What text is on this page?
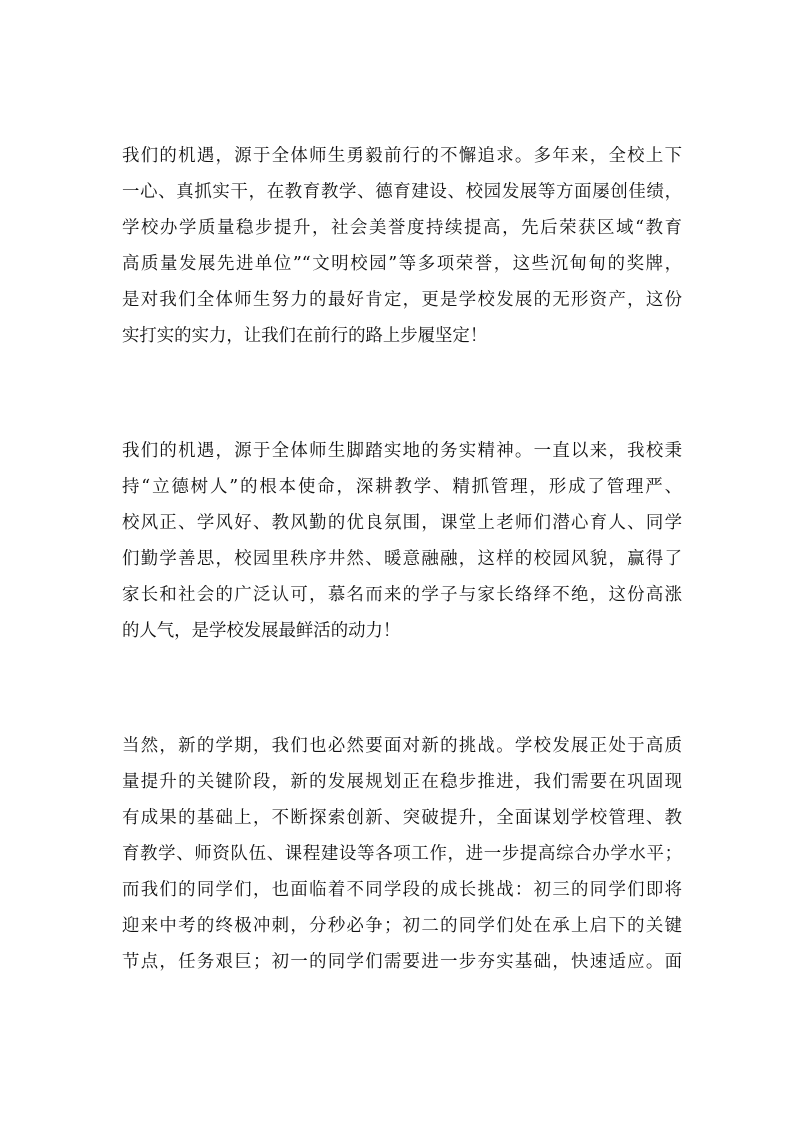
我们的机遇，源于全体师生勇毅前行的不懈追求。多年来，全校上下
一心、真抓实干，在教育教学、德育建设、校园发展等方面屡创佳绩，
学校办学质量稳步提升，社会美誉度持续提高，先后荣获区域“教育
高质量发展先进单位”“文明校园”等多项荣誉，这些沉甸甸的奖牌，
是对我们全体师生努力的最好肯定，更是学校发展的无形资产，这份
实打实的实力，让我们在前行的路上步履坚定！
我们的机遇，源于全体师生脚踏实地的务实精神。一直以来，我校秉
持“立德树人”的根本使命，深耕教学、精抓管理，形成了管理严、
校风正、学风好、教风勤的优良氛围，课堂上老师们潜心育人、同学
们勤学善思，校园里秩序井然、暖意融融，这样的校园风貌，赢得了
家长和社会的广泛认可，慕名而来的学子与家长络绎不绝，这份高涨
的人气，是学校发展最鲜活的动力！
当然，新的学期，我们也必然要面对新的挑战。学校发展正处于高质
量提升的关键阶段，新的发展规划正在稳步推进，我们需要在巩固现
有成果的基础上，不断探索创新、突破提升，全面谋划学校管理、教
育教学、师资队伍、课程建设等各项工作，进一步提高综合办学水平；
而我们的同学们，也面临着不同学段的成长挑战：初三的同学们即将
迎来中考的终极冲刺，分秒必争；初二的同学们处在承上启下的关键
节点，任务艰巨；初一的同学们需要进一步夯实基础，快速适应。面
